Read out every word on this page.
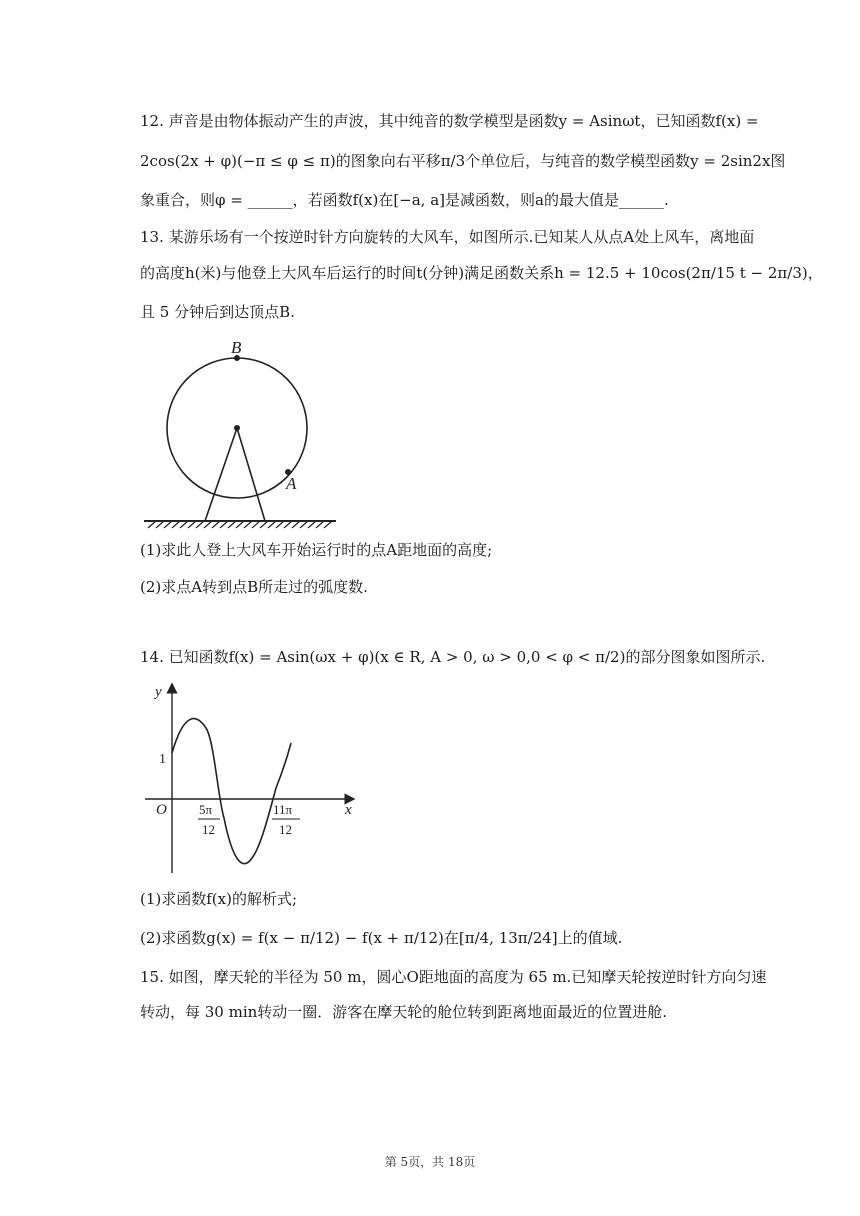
12. 声音是由物体振动产生的声波，其中纯音的数学模型是函数y = Asinωt，已知函数f(x) =
2cos(2x + φ)(−π ≤ φ ≤ π)的图象向右平移π/3个单位后，与纯音的数学模型函数y = 2sin2x图
象重合，则φ = ______，若函数f(x)在[−a, a]是减函数，则a的最大值是______.
13. 某游乐场有一个按逆时针方向旋转的大风车，如图所示.已知某人从点A处上风车，离地面
的高度h(米)与他登上大风车后运行的时间t(分钟)满足函数关系h = 12.5 + 10cos(2π/15 t − 2π/3)，
且 5 分钟后到达顶点B.
B
A
(1)求此人登上大风车开始运行时的点A距地面的高度;
(2)求点A转到点B所走过的弧度数.
14. 已知函数f(x) = Asin(ωx + φ)(x ∈ R, A > 0, ω > 0,0 < φ < π/2)的部分图象如图所示.
y
x
O
1
5π
12
11π
12
(1)求函数f(x)的解析式;
(2)求函数g(x) = f(x − π/12) − f(x + π/12)在[π/4, 13π/24]上的值域.
15. 如图，摩天轮的半径为 50 m，圆心O距地面的高度为 65 m.已知摩天轮按逆时针方向匀速
转动，每 30 min转动一圈．游客在摩天轮的舱位转到距离地面最近的位置进舱.
第 5页，共 18页
